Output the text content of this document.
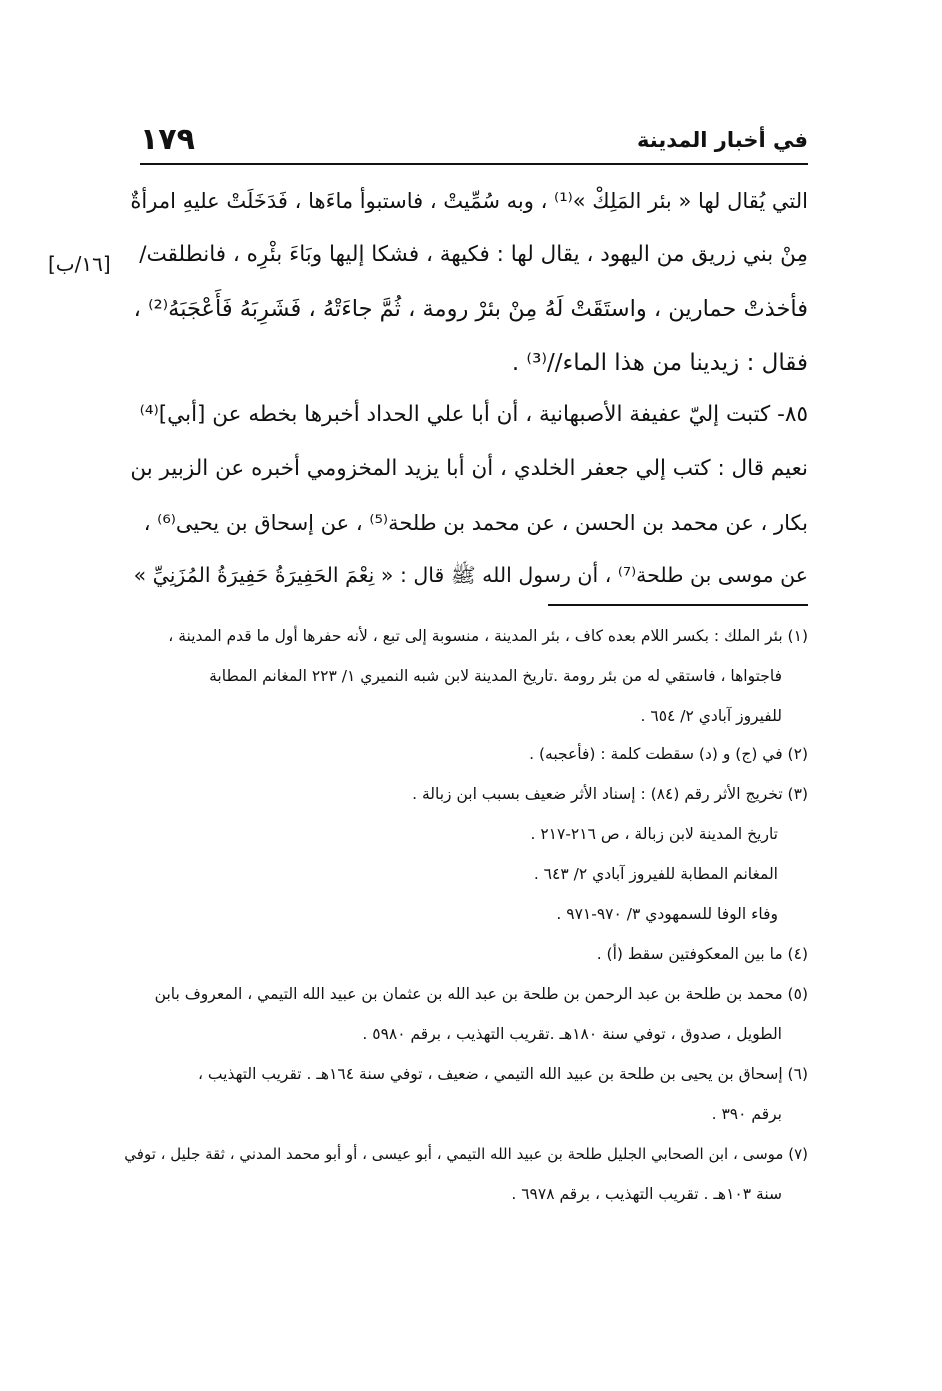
في أخبار المدينة
١٧٩
[١٦/ب]
التي يُقال لها « بئر المَلِكْ »⁽¹⁾ ، وبه سُمِّيتْ ، فاستبوأ ماءَها ، فَدَخَلَتْ عليهِ امرأةٌ
مِنْ بني زريق من اليهود ، يقال لها : فكيهة ، فشكا إليها وبَاءَ بئْرِه ، فانطلقت/
فأخذتْ حمارين ، واستَقَتْ لَهُ مِنْ بئرْ رومة ، ثُمَّ جاءَتْهُ ، فَشَرِبَهُ فَأَعْجَبَهُ⁽²⁾ ،
فقال : زيدينا من هذا الماء//⁽³⁾ .
٨٥- كتبت إليّ عفيفة الأصبهانية ، أن أبا علي الحداد أخبرها بخطه عن [أبي]⁽⁴⁾
نعيم قال : كتب إلي جعفر الخلدي ، أن أبا يزيد المخزومي أخبره عن الزبير بن
بكار ، عن محمد بن الحسن ، عن محمد بن طلحة⁽⁵⁾ ، عن إسحاق بن يحيى⁽⁶⁾ ،
عن موسى بن طلحة⁽⁷⁾ ، أن رسول الله ﷺ قال : « نِعْمَ الحَفِيرَةُ حَفِيرَةُ المُزَنِيِّ »
(١) بئر الملك : بكسر اللام بعده كاف ، بئر المدينة ، منسوبة إلى تبع ، لأنه حفرها أول ما قدم المدينة ،
فاجتواها ، فاستقي له من بئر رومة .تاريخ المدينة لابن شبه النميري ١/ ٢٢٣ المغانم المطابة
للفيروز آبادي ٢/ ٦٥٤ .
(٢) في (ج) و (د) سقطت كلمة : (فأعجبه) .
(٣) تخريج الأثر رقم (٨٤) : إسناد الأثر ضعيف بسبب ابن زبالة .
تاريخ المدينة لابن زبالة ، ص ٢١٦-٢١٧ .
المغانم المطابة للفيروز آبادي ٢/ ٦٤٣ .
وفاء الوفا للسمهودي ٣/ ٩٧٠-٩٧١ .
(٤) ما بين المعكوفتين سقط (أ) .
(٥) محمد بن طلحة بن عبد الرحمن بن طلحة بن عبد الله بن عثمان بن عبيد الله التيمي ، المعروف بابن
الطويل ، صدوق ، توفي سنة ١٨٠هـ .تقريب التهذيب ، برقم ٥٩٨٠ .
(٦) إسحاق بن يحيى بن طلحة بن عبيد الله التيمي ، ضعيف ، توفي سنة ١٦٤هـ . تقريب التهذيب ،
برقم ٣٩٠ .
(٧) موسى ، ابن الصحابي الجليل طلحة بن عبيد الله التيمي ، أبو عيسى ، أو أبو محمد المدني ، ثقة جليل ، توفي
سنة ١٠٣هـ . تقريب التهذيب ، برقم ٦٩٧٨ .
